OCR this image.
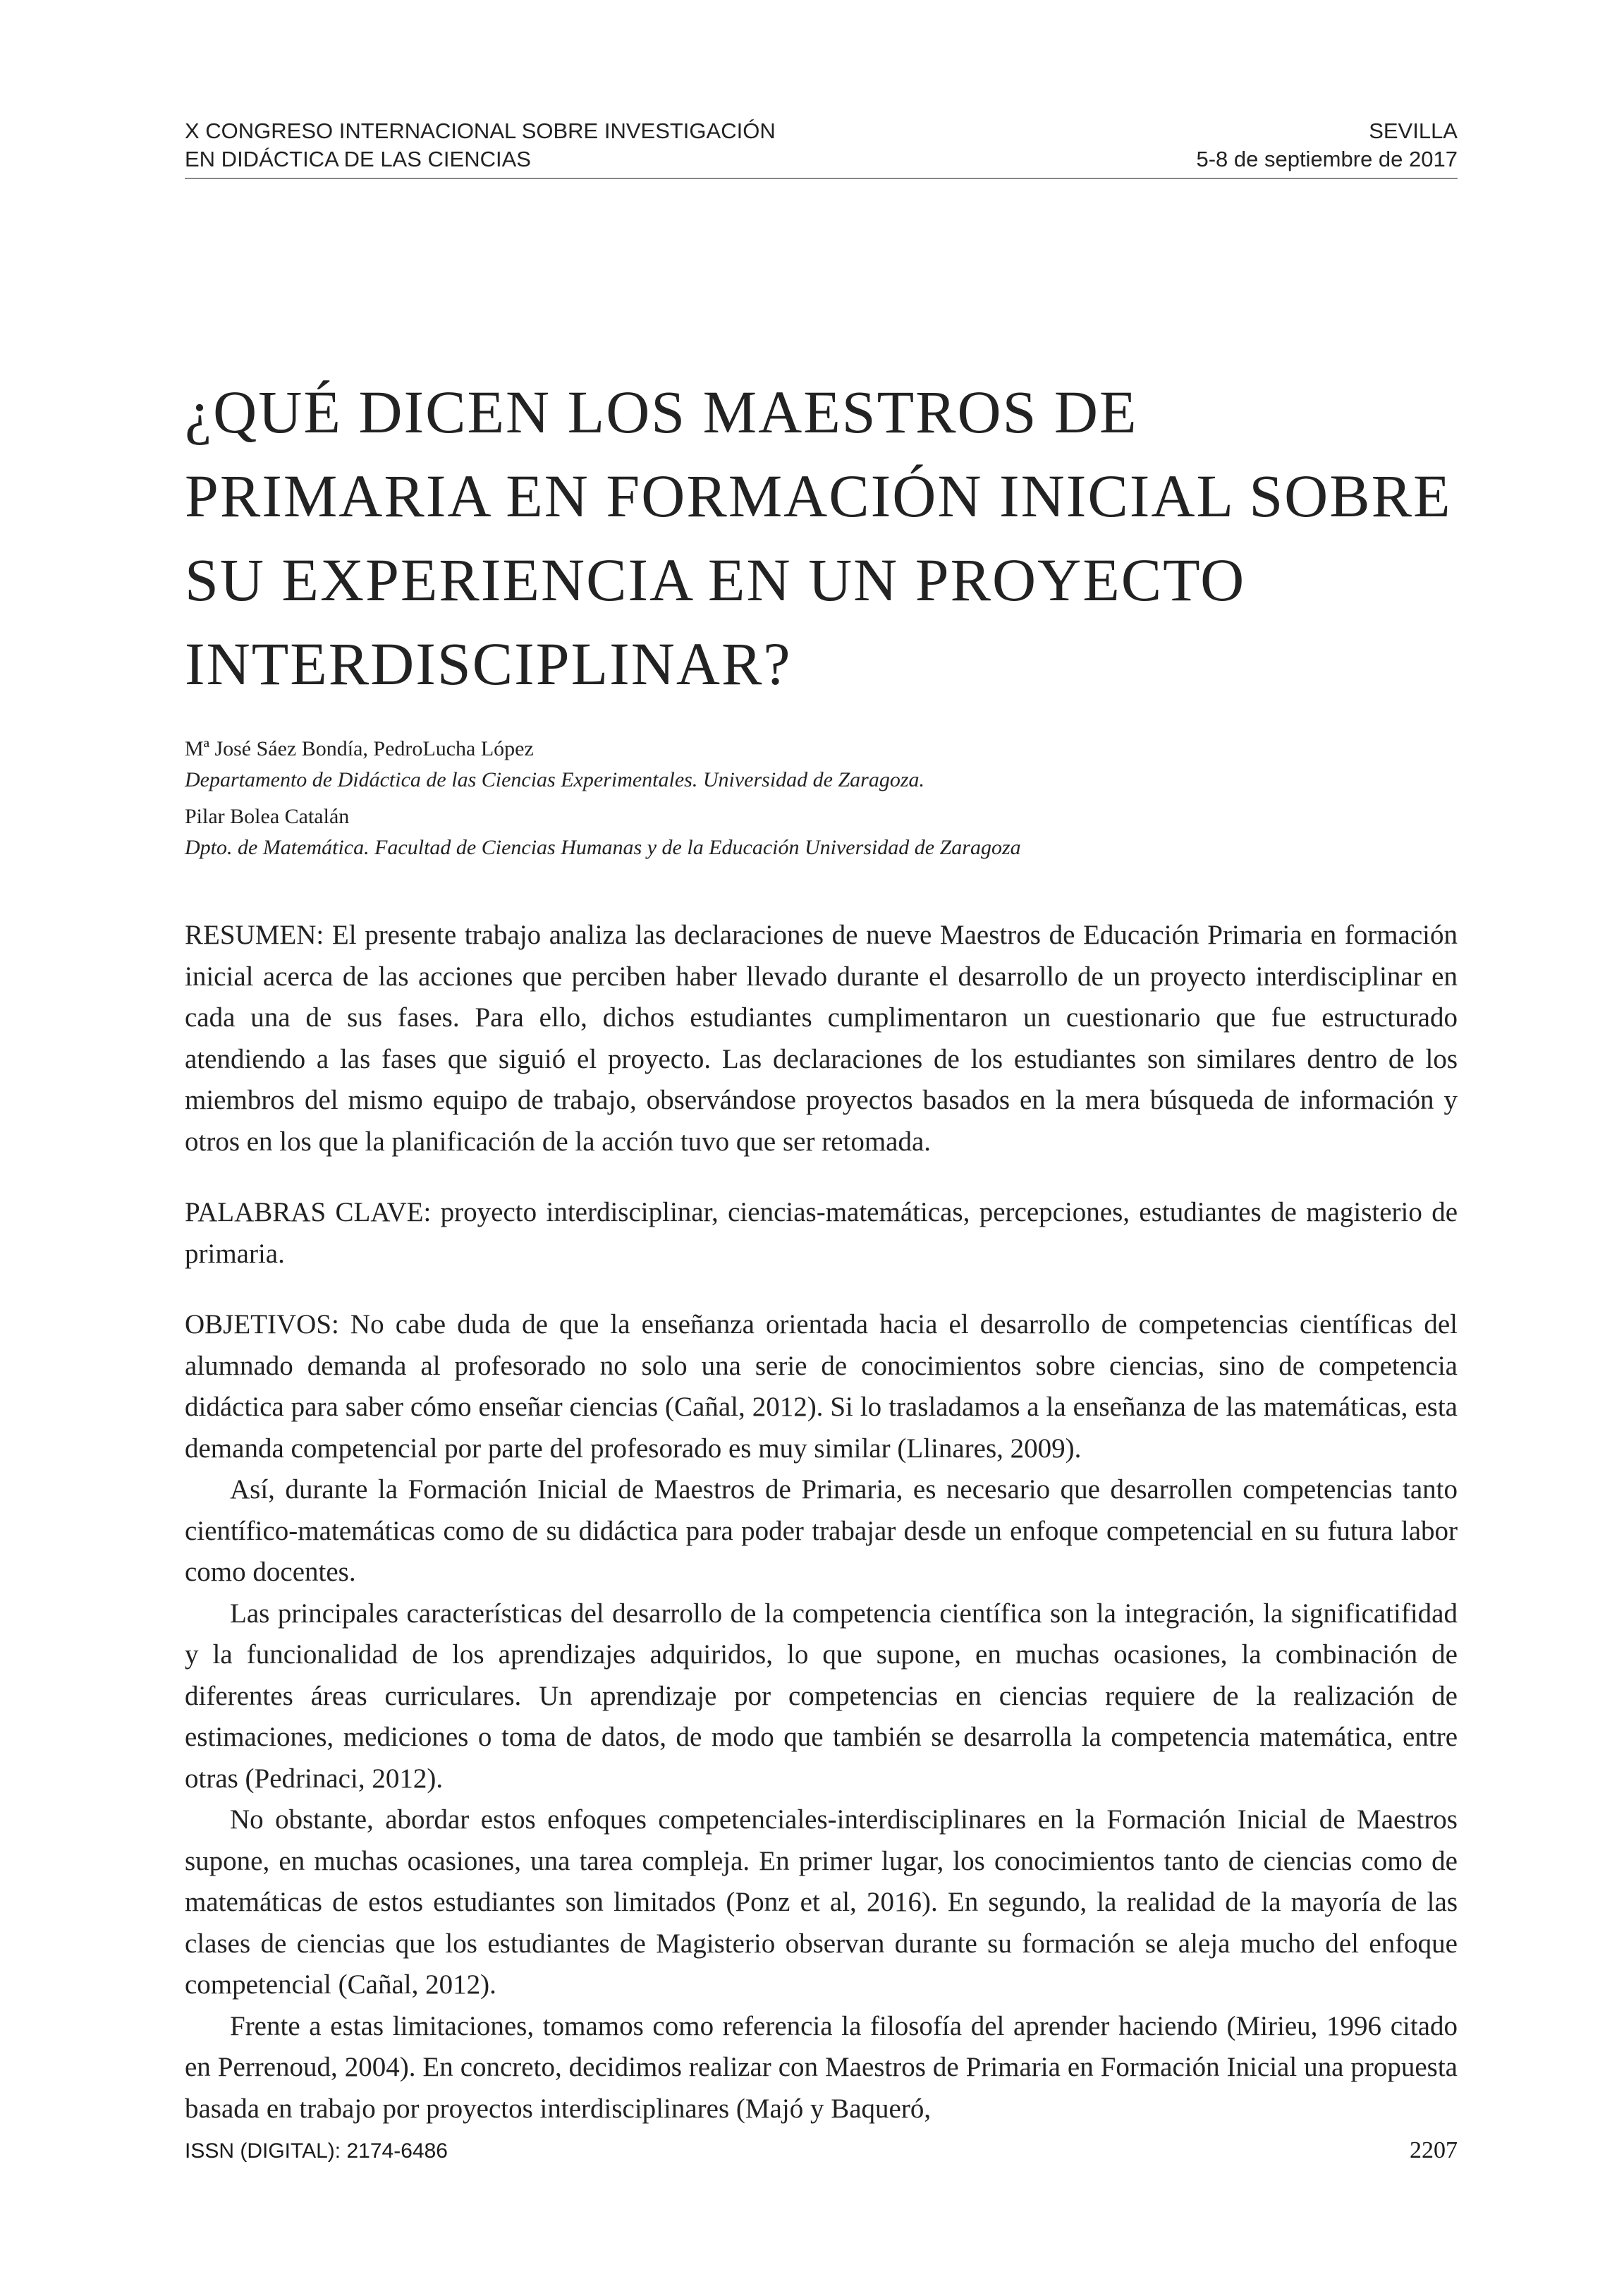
X CONGRESO INTERNACIONAL SOBRE INVESTIGACIÓN
EN DIDÁCTICA DE LAS CIENCIAS
SEVILLA
5-8 de septiembre de 2017
¿QUÉ DICEN LOS MAESTROS DE PRIMARIA EN FORMACIÓN INICIAL SOBRE SU EXPERIENCIA EN UN PROYECTO INTERDISCIPLINAR?
Mª José Sáez Bondía, PedroLucha López
Departamento de Didáctica de las Ciencias Experimentales. Universidad de Zaragoza.
Pilar Bolea Catalán
Dpto. de Matemática. Facultad de Ciencias Humanas y de la Educación Universidad de Zaragoza

RESUMEN: El presente trabajo analiza las declaraciones de nueve Maestros de Educación Primaria en formación inicial acerca de las acciones que perciben haber llevado durante el desarrollo de un proyecto interdisciplinar en cada una de sus fases. Para ello, dichos estudiantes cumplimentaron un cuestionario que fue estructurado atendiendo a las fases que siguió el proyecto. Las declaraciones de los estudiantes son similares dentro de los miembros del mismo equipo de trabajo, observándose proyectos basados en la mera búsqueda de información y otros en los que la planificación de la acción tuvo que ser retomada.

PALABRAS CLAVE: proyecto interdisciplinar, ciencias-matemáticas, percepciones, estudiantes de magisterio de primaria.

OBJETIVOS: No cabe duda de que la enseñanza orientada hacia el desarrollo de competencias científicas del alumnado demanda al profesorado no solo una serie de conocimientos sobre ciencias, sino de competencia didáctica para saber cómo enseñar ciencias (Cañal, 2012). Si lo trasladamos a la enseñanza de las matemáticas, esta demanda competencial por parte del profesorado es muy similar (Llinares, 2009).

Así, durante la Formación Inicial de Maestros de Primaria, es necesario que desarrollen competencias tanto científico-matemáticas como de su didáctica para poder trabajar desde un enfoque competencial en su futura labor como docentes.

Las principales características del desarrollo de la competencia científica son la integración, la significatifidad y la funcionalidad de los aprendizajes adquiridos, lo que supone, en muchas ocasiones, la combinación de diferentes áreas curriculares. Un aprendizaje por competencias en ciencias requiere de la realización de estimaciones, mediciones o toma de datos, de modo que también se desarrolla la competencia matemática, entre otras (Pedrinaci, 2012).

No obstante, abordar estos enfoques competenciales-interdisciplinares en la Formación Inicial de Maestros supone, en muchas ocasiones, una tarea compleja. En primer lugar, los conocimientos tanto de ciencias como de matemáticas de estos estudiantes son limitados (Ponz et al, 2016). En segundo, la realidad de la mayoría de las clases de ciencias que los estudiantes de Magisterio observan durante su formación se aleja mucho del enfoque competencial (Cañal, 2012).

Frente a estas limitaciones, tomamos como referencia la filosofía del aprender haciendo (Mirieu, 1996 citado en Perrenoud, 2004). En concreto, decidimos realizar con Maestros de Primaria en Formación Inicial una propuesta basada en trabajo por proyectos interdisciplinares (Majó y Baqueró,

ISSN (DIGITAL): 2174-6486	2207
